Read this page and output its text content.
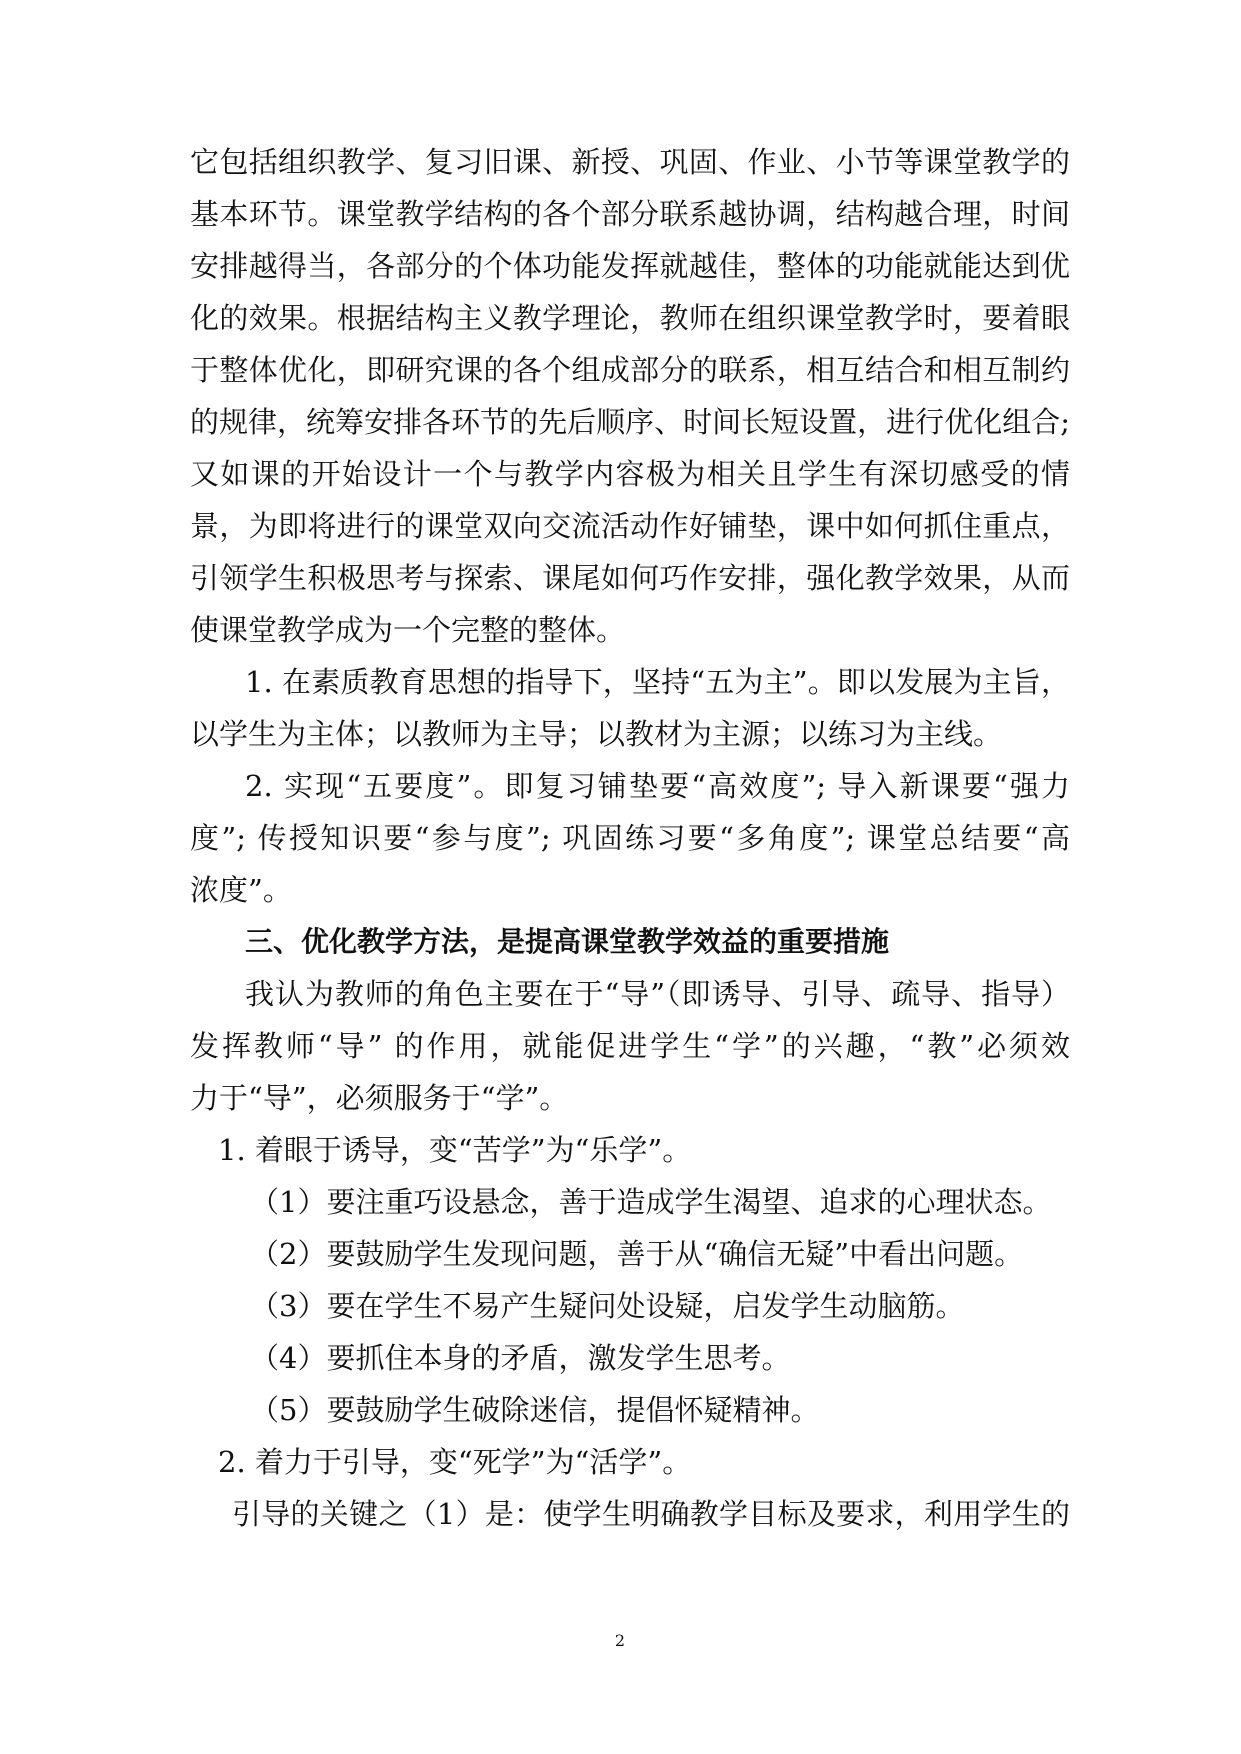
它包括组织教学、复习旧课、新授、巩固、作业、小节等课堂教学的
基本环节。课堂教学结构的各个部分联系越协调，结构越合理，时间
安排越得当，各部分的个体功能发挥就越佳，整体的功能就能达到优
化的效果。根据结构主义教学理论，教师在组织课堂教学时，要着眼
于整体优化，即研究课的各个组成部分的联系，相互结合和相互制约
的规律，统筹安排各环节的先后顺序、时间长短设置，进行优化组合;
又如课的开始设计一个与教学内容极为相关且学生有深切感受的情
景，为即将进行的课堂双向交流活动作好铺垫，课中如何抓住重点，
引领学生积极思考与探索、课尾如何巧作安排，强化教学效果，从而
使课堂教学成为一个完整的整体。
1. 在素质教育思想的指导下，坚持“五为主”。即以发展为主旨，
以学生为主体；以教师为主导；以教材为主源；以练习为主线。
2. 实现“五要度”。即复习铺垫要“高效度”; 导入新课要“强力
度”; 传授知识要“参与度”; 巩固练习要“多角度”; 课堂总结要“高
浓度”。
三、优化教学方法，是提高课堂教学效益的重要措施
我认为教师的角色主要在于“导”（即诱导、引导、疏导、指导）
发挥教师“导” 的作用，就能促进学生“学”的兴趣，“教”必须效
力于“导”，必须服务于“学”。
1. 着眼于诱导，变“苦学”为“乐学”。
（1）要注重巧设悬念，善于造成学生渴望、追求的心理状态。
（2）要鼓励学生发现问题，善于从“确信无疑”中看出问题。
（3）要在学生不易产生疑问处设疑，启发学生动脑筋。
（4）要抓住本身的矛盾，激发学生思考。
（5）要鼓励学生破除迷信，提倡怀疑精神。
2. 着力于引导，变“死学”为“活学”。
引导的关键之（1）是：使学生明确教学目标及要求，利用学生的
2
